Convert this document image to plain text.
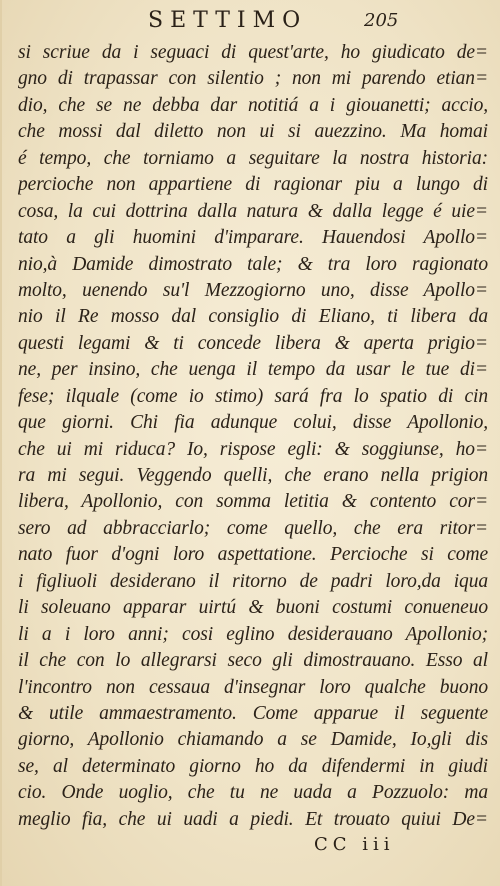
SETTIMO	205
si scriue da i seguaci di quest'arte, ho giudicato de=
gno di trapassar con silentio ; non mi parendo etian=
dio, che se ne debba dar notitiá a i giouanetti; accio,
che mossi dal diletto non ui si auezzino. Ma homai
é tempo, che torniamo a seguitare la nostra historia:
percioche non appartiene di ragionar piu a lungo di
cosa, la cui dottrina dalla natura & dalla legge é uie=
tato a gli huomini d'imparare. Hauendosi Apollo=
nio,à Damide dimostrato tale; & tra loro ragionato
molto, uenendo su'l Mezzogiorno uno, disse Apollo=
nio il Re mosso dal consiglio di Eliano, ti libera da
questi legami & ti concede libera & aperta prigio=
ne, per insino, che uenga il tempo da usar le tue di=
fese; ilquale (come io stimo) sará fra lo spatio di cin
que giorni. Chi fia adunque colui, disse Apollonio,
che ui mi riduca? Io, rispose egli: & soggiunse, ho=
ra mi segui. Veggendo quelli, che erano nella prigion
libera, Apollonio, con somma letitia & contento cor=
sero ad abbracciarlo; come quello, che era ritor=
nato fuor d'ogni loro aspettatione. Percioche si come
i figliuoli desiderano il ritorno de padri loro,da iqua
li soleuano apparar uirtú & buoni costumi conueneuo
li a i loro anni; cosi eglino desiderauano Apollonio;
il che con lo allegrarsi seco gli dimostrauano. Esso al
l'incontro non cessaua d'insegnar loro qualche buono
& utile ammaestramento. Come apparue il seguente
giorno, Apollonio chiamando a se Damide, Io,gli dis
se, al determinato giorno ho da difendermi in giudi
cio. Onde uoglio, che tu ne uada a Pozzuolo: ma
meglio fia, che ui uadi a piedi. Et trouato quiui De=
CC iii
